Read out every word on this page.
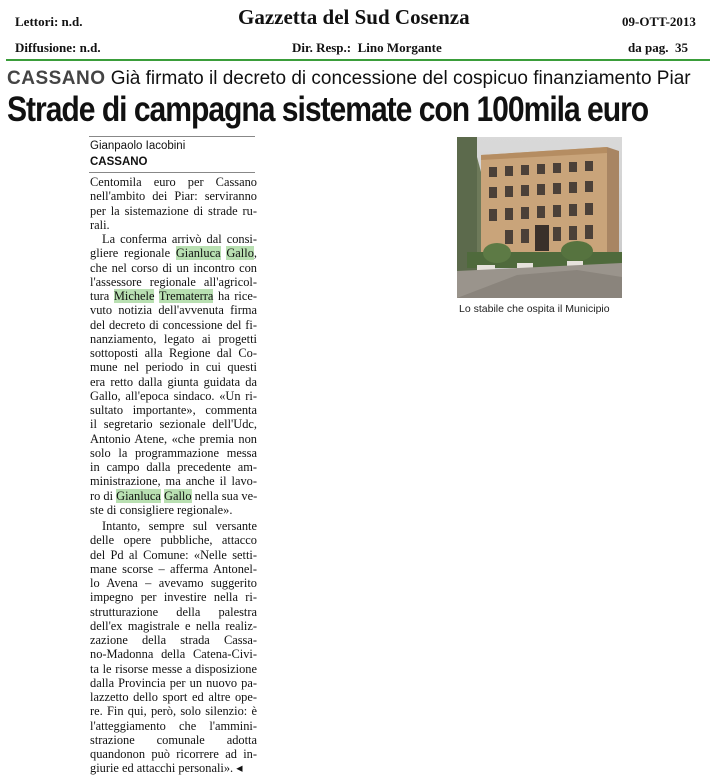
Lettori: n.d.	Gazzetta del Sud Cosenza	09-OTT-2013
Diffusione: n.d.	Dir. Resp.: Lino Morgante	da pag. 35
CASSANO Già firmato il decreto di concessione del cospicuo finanziamento Piar
Strade di campagna sistemate con 100mila euro
Gianpaolo Iacobini
CASSANO
Centomila euro per Cassano
nell'ambito dei Piar: serviranno
per la sistemazione di strade ru-
rali.
La conferma arrivò dal consi-
gliere regionale Gianluca Gallo,
che nel corso di un incontro con
l'assessore regionale all'agricol-
tura Michele Trematerra ha rice-
vuto notizia dell'avvenuta firma
del decreto di concessione del fi-
nanziamento, legato ai progetti
sottoposti alla Regione dal Co-
mune nel periodo in cui questi
era retto dalla giunta guidata da
Gallo, all'epoca sindaco. «Un ri-
sultato importante», commenta
il segretario sezionale dell'Udc,
Antonio Atene, «che premia non
solo la programmazione messa
in campo dalla precedente am-
ministrazione, ma anche il lavo-
ro di Gianluca Gallo nella sua ve-
ste di consigliere regionale».
Intanto, sempre sul versante
delle opere pubbliche, attacco
del Pd al Comune: «Nelle setti-
mane scorse – afferma Antonel-
lo Avena – avevamo suggerito
impegno per investire nella ri-
strutturazione della palestra
dell'ex magistrale e nella realiz-
zazione della strada Cassa-
no-Madonna della Catena-Civi-
ta le risorse messe a disposizione
dalla Provincia per un nuovo pa-
lazzetto dello sport ed altre ope-
re. Fin qui, però, solo silenzio: è
l'atteggiamento che l'ammini-
strazione comunale adotta
quandonon può ricorrere ad in-
giurie ed attacchi personali». ◂
Lo stabile che ospita il Municipio
